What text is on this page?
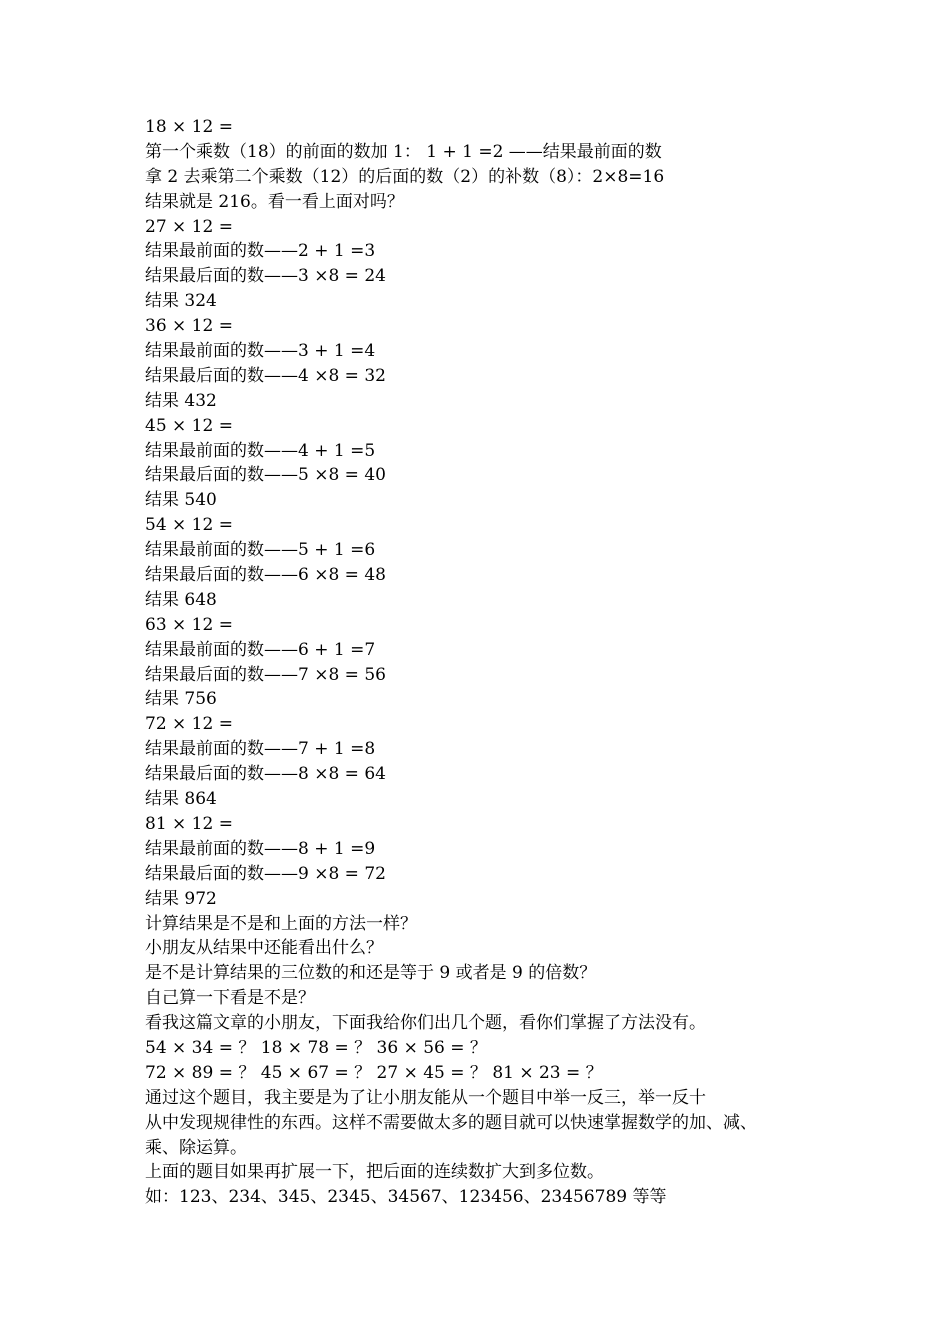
18 × 12 =
第一个乘数（18）的前面的数加 1： 1 + 1 =2 ——结果最前面的数
拿 2 去乘第二个乘数（12）的后面的数（2）的补数（8）：2×8=16
结果就是 216。看一看上面对吗？
27 × 12 =
结果最前面的数——2 + 1 =3
结果最后面的数——3 ×8 = 24
结果 324
36 × 12 =
结果最前面的数——3 + 1 =4
结果最后面的数——4 ×8 = 32
结果 432
45 × 12 =
结果最前面的数——4 + 1 =5
结果最后面的数——5 ×8 = 40
结果 540
54 × 12 =
结果最前面的数——5 + 1 =6
结果最后面的数——6 ×8 = 48
结果 648
63 × 12 =
结果最前面的数——6 + 1 =7
结果最后面的数——7 ×8 = 56
结果 756
72 × 12 =
结果最前面的数——7 + 1 =8
结果最后面的数——8 ×8 = 64
结果 864
81 × 12 =
结果最前面的数——8 + 1 =9
结果最后面的数——9 ×8 = 72
结果 972
计算结果是不是和上面的方法一样？
小朋友从结果中还能看出什么？
是不是计算结果的三位数的和还是等于 9 或者是 9 的倍数？
自己算一下看是不是？
看我这篇文章的小朋友，下面我给你们出几个题，看你们掌握了方法没有。
54 × 34 = ？ 18 × 78 = ？ 36 × 56 = ？
72 × 89 = ？ 45 × 67 = ？ 27 × 45 = ？ 81 × 23 = ？
通过这个题目，我主要是为了让小朋友能从一个题目中举一反三，举一反十
从中发现规律性的东西。这样不需要做太多的题目就可以快速掌握数学的加、减、
乘、除运算。
上面的题目如果再扩展一下，把后面的连续数扩大到多位数。
如：123、234、345、2345、34567、123456、23456789 等等
